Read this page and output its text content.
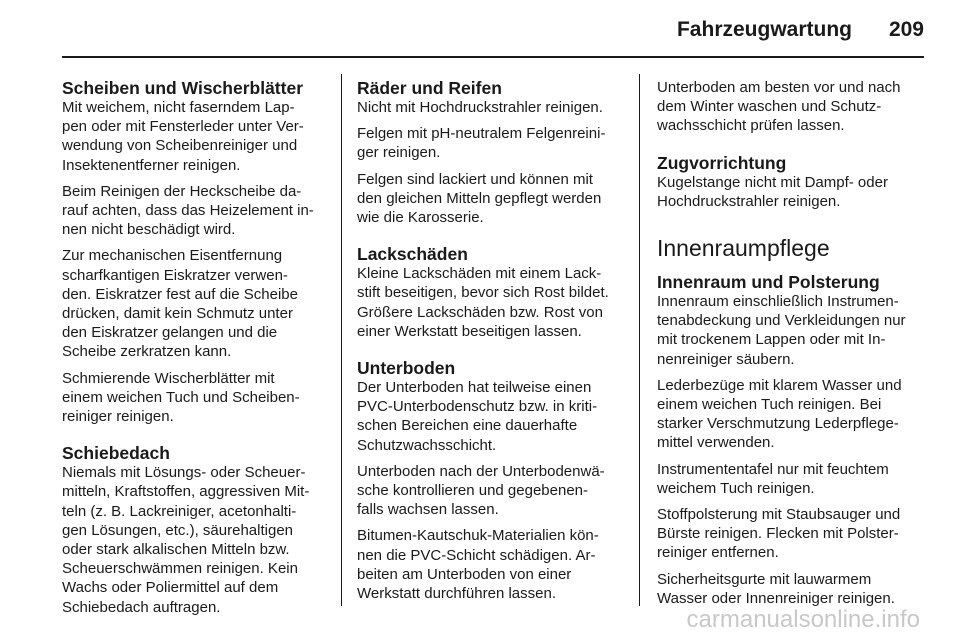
Fahrzeugwartung 209
Scheiben und Wischerblätter

Mit weichem, nicht faserndem Lap-
pen oder mit Fensterleder unter Ver-
wendung von Scheibenreiniger und
Insektenentferner reinigen.

Beim Reinigen der Heckscheibe da-
rauf achten, dass das Heizelement in-
nen nicht beschädigt wird.

Zur mechanischen Eisentfernung
scharfkantigen Eiskratzer verwen-
den. Eiskratzer fest auf die Scheibe
drücken, damit kein Schmutz unter
den Eiskratzer gelangen und die
Scheibe zerkratzen kann.

Schmierende Wischerblätter mit
einem weichen Tuch und Scheiben-
reiniger reinigen.

Schiebedach

Niemals mit Lösungs- oder Scheuer-
mitteln, Kraftstoffen, aggressiven Mit-
teln (z. B. Lackreiniger, acetonhalti-
gen Lösungen, etc.), säurehaltigen
oder stark alkalischen Mitteln bzw.
Scheuerschwämmen reinigen. Kein
Wachs oder Poliermittel auf dem
Schiebedach auftragen.

Räder und Reifen

Nicht mit Hochdruckstrahler reinigen.

Felgen mit pH-neutralem Felgenreini-
ger reinigen.

Felgen sind lackiert und können mit
den gleichen Mitteln gepflegt werden
wie die Karosserie.

Lackschäden

Kleine Lackschäden mit einem Lack-
stift beseitigen, bevor sich Rost bildet.
Größere Lackschäden bzw. Rost von
einer Werkstatt beseitigen lassen.

Unterboden

Der Unterboden hat teilweise einen
PVC-Unterbodenschutz bzw. in kriti-
schen Bereichen eine dauerhafte
Schutzwachsschicht.

Unterboden nach der Unterbodenwä-
sche kontrollieren und gegebenen-
falls wachsen lassen.

Bitumen-Kautschuk-Materialien kön-
nen die PVC-Schicht schädigen. Ar-
beiten am Unterboden von einer
Werkstatt durchführen lassen.

Unterboden am besten vor und nach
dem Winter waschen und Schutz-
wachsschicht prüfen lassen.

Zugvorrichtung

Kugelstange nicht mit Dampf- oder
Hochdruckstrahler reinigen.

Innenraumpflege
Innenraum und Polsterung

Innenraum einschließlich Instrumen-
tenabdeckung und Verkleidungen nur
mit trockenem Lappen oder mit In-
nenreiniger säubern.

Lederbezüge mit klarem Wasser und
einem weichen Tuch reinigen. Bei
starker Verschmutzung Lederpflege-
mittel verwenden.

Instrumententafel nur mit feuchtem
weichem Tuch reinigen.

Stoffpolsterung mit Staubsauger und
Bürste reinigen. Flecken mit Polster-
reiniger entfernen.

Sicherheitsgurte mit lauwarmem
Wasser oder Innenreiniger reinigen.

carmanualsonline.info
